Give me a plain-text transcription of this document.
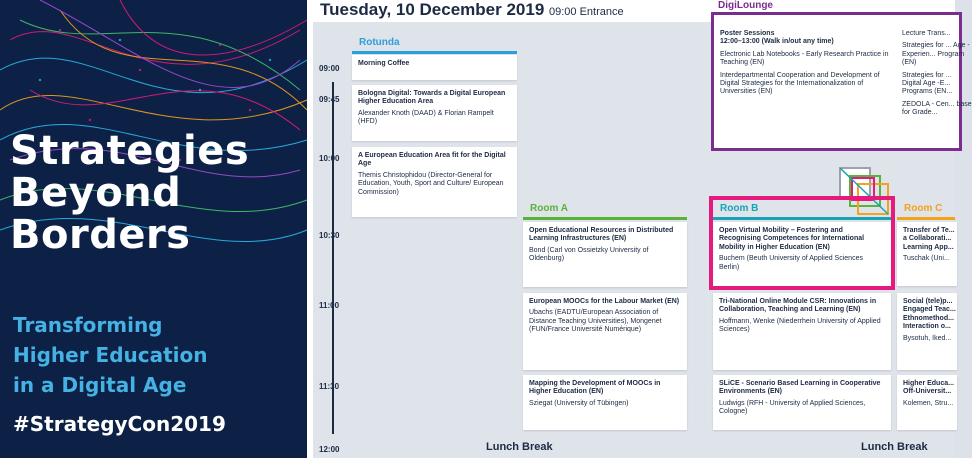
Strategies
Beyond
Borders
Transforming
Higher Education
in a Digital Age
#StrategyCon2019
Tuesday, 10 December 2019 09:00 Entrance
09:00
09:45
10:00
10:30
11:00
11:30
12:00
Rotunda
Morning Coffee
Bologna Digital: Towards a Digital European Higher Education Area
Alexander Knoth (DAAD) & Florian Rampelt (HFD)
A European Education Area fit for the Digital Age
Themis Christophidou (Director-General for Education, Youth, Sport and Culture/ European Commission)
Room A
Open Educational Resources in Distributed Learning Infrastructures (EN)
Bond (Carl von Ossietzky University of Oldenburg)
European MOOCs for the Labour Market (EN)
Ubachs (EADTU/European Association of Distance Teaching Universities), Mongenet (FUN/France Université Numérique)
Mapping the Development of MOOCs in Higher Education (EN)
Sziegat (University of Tübingen)
DigiLounge
Poster Sessions
12:00–13:00 (Walk in/out any time)
Electronic Lab Notebooks - Early Research Practice in Teaching (EN)
Interdepartmental Cooperation and Development of Digital Strategies for the Internationalization of Universities (EN)
Lecture Trans...
Strategies for ... Age - Experien... Program (EN)
Strategies for ... Digital Age -E... Programs (EN...
ZEDOLA - Cen... base for Grade...
Room B
Open Virtual Mobility – Fostering and Recognising Competences for International Mobility in Higher Education (EN)
Buchem (Beuth University of Applied Sciences Berlin)
Tri-National Online Module CSR: Innovations in Collaboration, Teaching and Learning (EN)
Hoffmann, Wenke (Niederrhein University of Applied Sciences)
SLiCE - Scenario Based Learning in Cooperative Environments (EN)
Ludwigs (RFH - University of Applied Sciences, Cologne)
Room C
Transfer of Te... a Collaborati... Learning App...
Tuschak (Uni...
Social (tele)p... Engaged Teac... Ethnomethod... Interaction o...
Bysotuh, Iked...
Higher Educa... Off-Universit...
Kolemen, Stru...
Lunch Break	Lunch Break
